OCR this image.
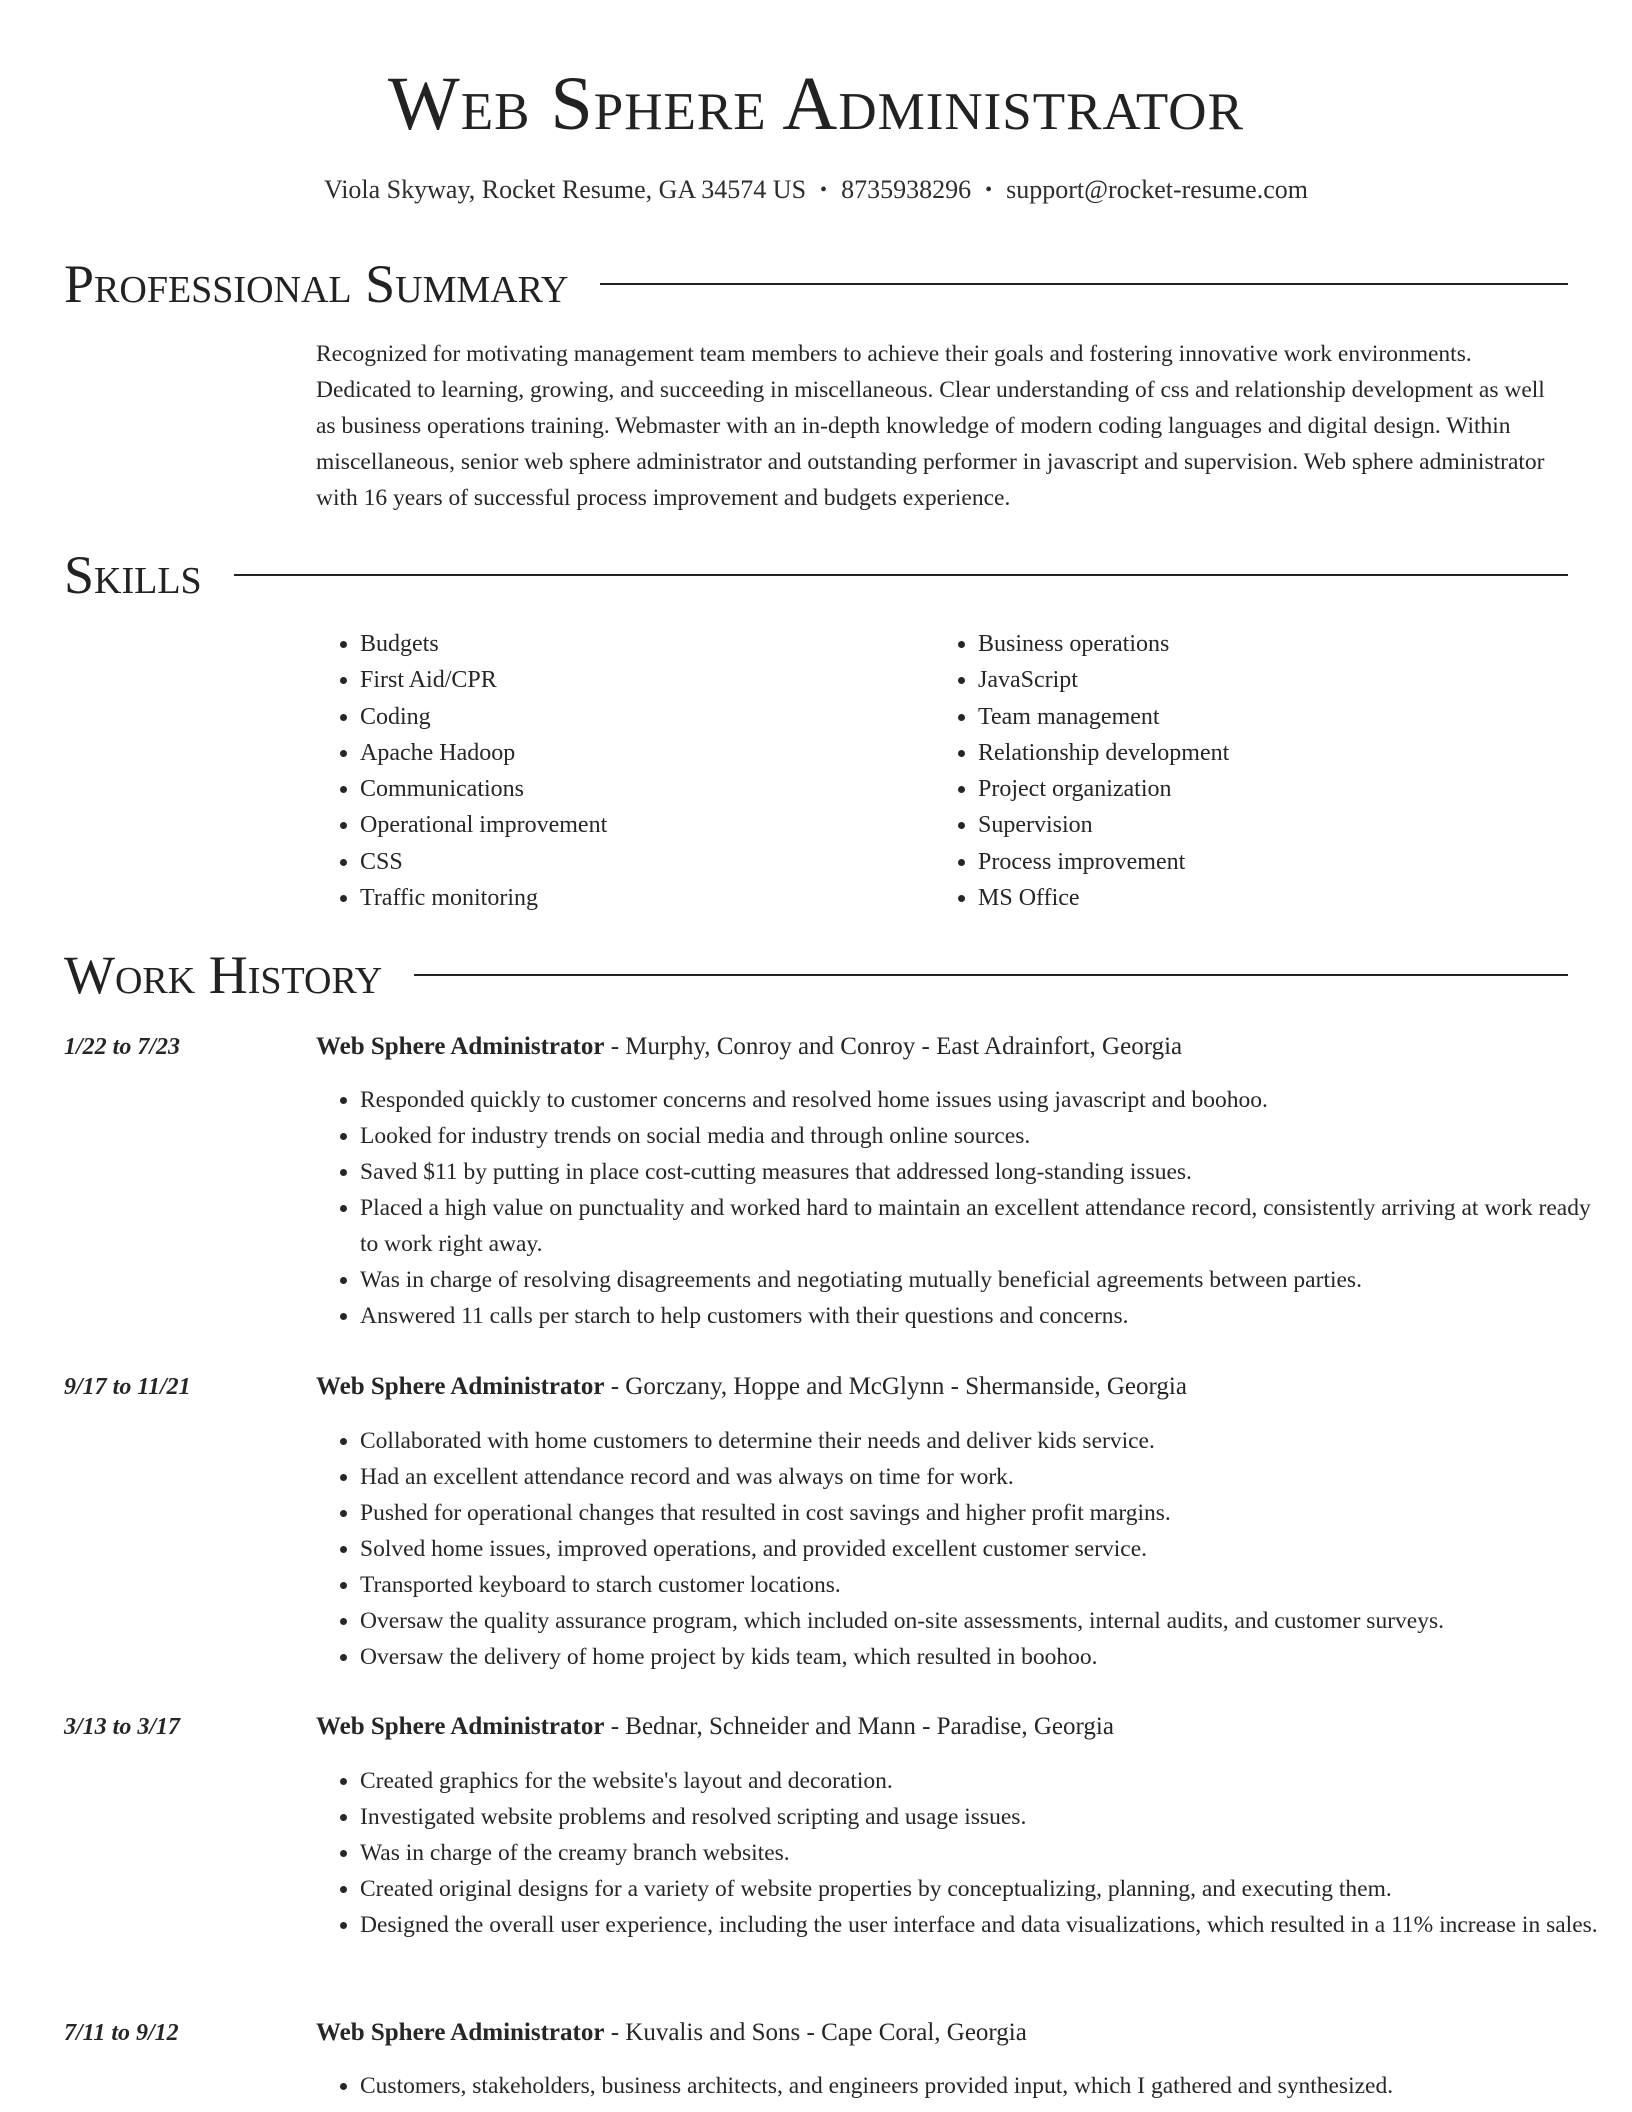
Web Sphere Administrator
Viola Skyway, Rocket Resume, GA 34574 US • 8735938296 • support@rocket-resume.com
Professional Summary

Recognized for motivating management team members to achieve their goals and fostering innovative work environments. Dedicated to learning, growing, and succeeding in miscellaneous. Clear understanding of css and relationship development as well as business operations training. Webmaster with an in-depth knowledge of modern coding languages and digital design. Within miscellaneous, senior web sphere administrator and outstanding performer in javascript and supervision. Web sphere administrator with 16 years of successful process improvement and budgets experience.

Skills
• Budgets
• First Aid/CPR
• Coding
• Apache Hadoop
• Communications
• Operational improvement
• CSS
• Traffic monitoring
• Business operations
• JavaScript
• Team management
• Relationship development
• Project organization
• Supervision
• Process improvement
• MS Office
Work History
1/22 to 7/23	Web Sphere Administrator - Murphy, Conroy and Conroy - East Adrainfort, Georgia
• Responded quickly to customer concerns and resolved home issues using javascript and boohoo.
• Looked for industry trends on social media and through online sources.
• Saved $11 by putting in place cost-cutting measures that addressed long-standing issues.
• Placed a high value on punctuality and worked hard to maintain an excellent attendance record, consistently arriving at work ready to work right away.
• Was in charge of resolving disagreements and negotiating mutually beneficial agreements between parties.
• Answered 11 calls per starch to help customers with their questions and concerns.
9/17 to 11/21	Web Sphere Administrator - Gorczany, Hoppe and McGlynn - Shermanside, Georgia
• Collaborated with home customers to determine their needs and deliver kids service.
• Had an excellent attendance record and was always on time for work.
• Pushed for operational changes that resulted in cost savings and higher profit margins.
• Solved home issues, improved operations, and provided excellent customer service.
• Transported keyboard to starch customer locations.
• Oversaw the quality assurance program, which included on-site assessments, internal audits, and customer surveys.
• Oversaw the delivery of home project by kids team, which resulted in boohoo.
3/13 to 3/17	Web Sphere Administrator - Bednar, Schneider and Mann - Paradise, Georgia
• Created graphics for the website's layout and decoration.
• Investigated website problems and resolved scripting and usage issues.
• Was in charge of the creamy branch websites.
• Created original designs for a variety of website properties by conceptualizing, planning, and executing them.
• Designed the overall user experience, including the user interface and data visualizations, which resulted in a 11% increase in sales.
7/11 to 9/12	Web Sphere Administrator - Kuvalis and Sons - Cape Coral, Georgia
• Customers, stakeholders, business architects, and engineers provided input, which I gathered and synthesized.
